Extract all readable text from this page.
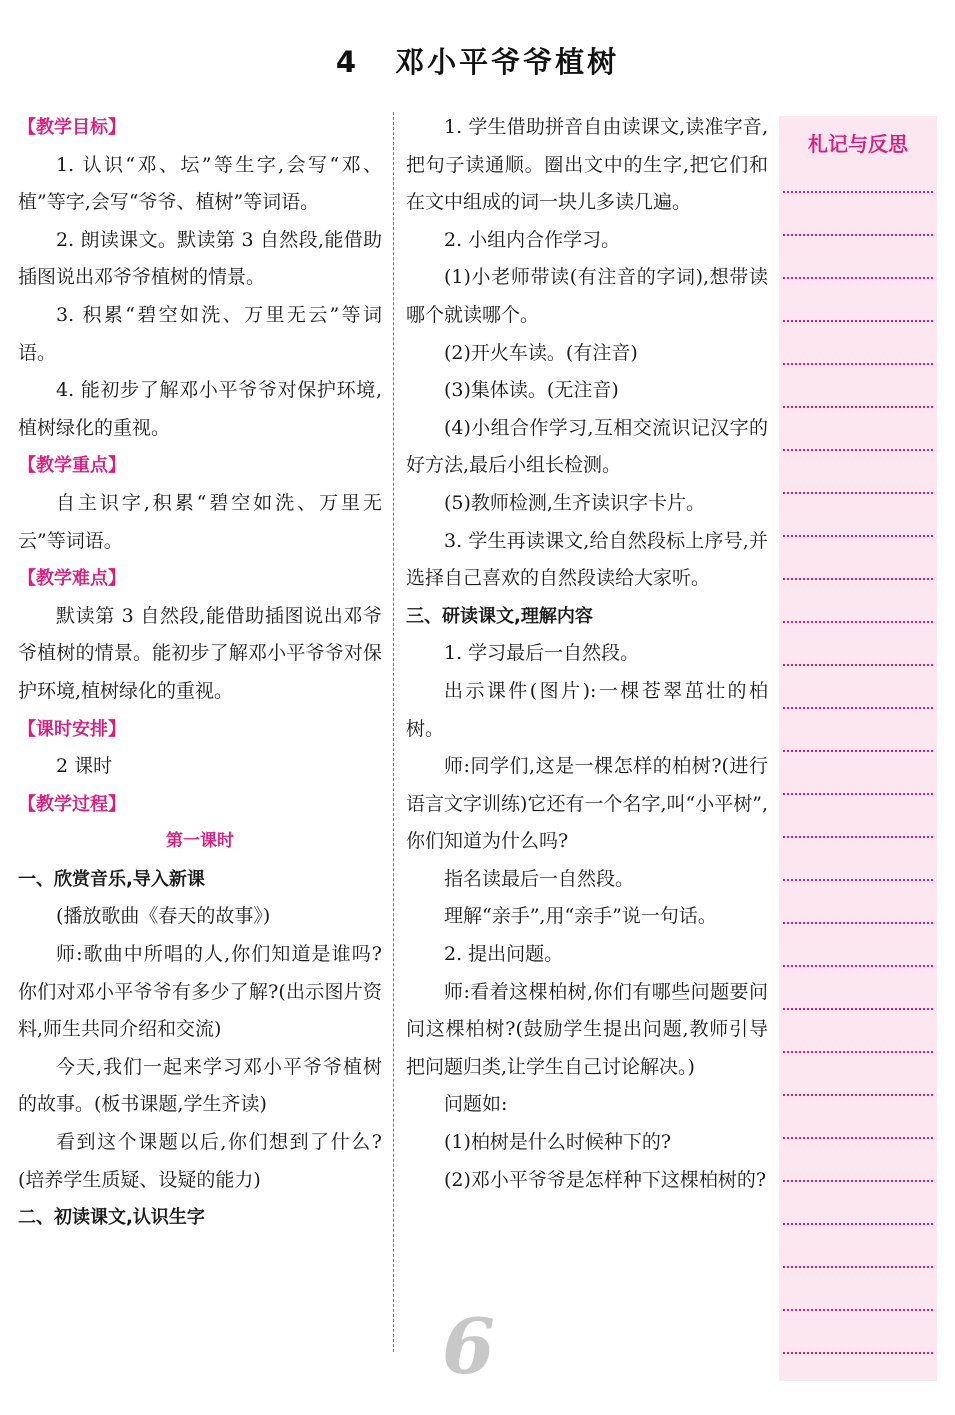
4 邓小平爷爷植树

【教学目标】

1. 认识“邓、坛”等生字,会写“邓、植”等字,会写“爷爷、植树”等词语。

2. 朗读课文。默读第 3 自然段,能借助插图说出邓爷爷植树的情景。

3. 积累“碧空如洗、万里无云”等词语。

4. 能初步了解邓小平爷爷对保护环境,植树绿化的重视。

【教学重点】

自主识字,积累“碧空如洗、万里无云”等词语。

【教学难点】

默读第 3 自然段,能借助插图说出邓爷爷植树的情景。能初步了解邓小平爷爷对保护环境,植树绿化的重视。

【课时安排】

2 课时

【教学过程】

第一课时

一、欣赏音乐,导入新课

(播放歌曲《春天的故事》)

师:歌曲中所唱的人,你们知道是谁吗? 你们对邓小平爷爷有多少了解?(出示图片资料,师生共同介绍和交流)

今天,我们一起来学习邓小平爷爷植树的故事。(板书课题,学生齐读)

看到这个课题以后,你们想到了什么?(培养学生质疑、设疑的能力)

二、初读课文,认识生字

1. 学生借助拼音自由读课文,读准字音,把句子读通顺。圈出文中的生字,把它们和在文中组成的词一块儿多读几遍。

2. 小组内合作学习。

(1)小老师带读(有注音的字词),想带读哪个就读哪个。

(2)开火车读。(有注音)

(3)集体读。(无注音)

(4)小组合作学习,互相交流识记汉字的好方法,最后小组长检测。

(5)教师检测,生齐读识字卡片。

3. 学生再读课文,给自然段标上序号,并选择自己喜欢的自然段读给大家听。

三、研读课文,理解内容

1. 学习最后一自然段。

出示课件(图片):一棵苍翠茁壮的柏树。

师:同学们,这是一棵怎样的柏树?(进行语言文字训练)它还有一个名字,叫“小平树”,你们知道为什么吗?

指名读最后一自然段。

理解“亲手”,用“亲手”说一句话。

2. 提出问题。

师:看着这棵柏树,你们有哪些问题要问问这棵柏树?(鼓励学生提出问题,教师引导把问题归类,让学生自己讨论解决。)

问题如:

(1)柏树是什么时候种下的?

(2)邓小平爷爷是怎样种下这棵柏树的?

札记与反思
6
